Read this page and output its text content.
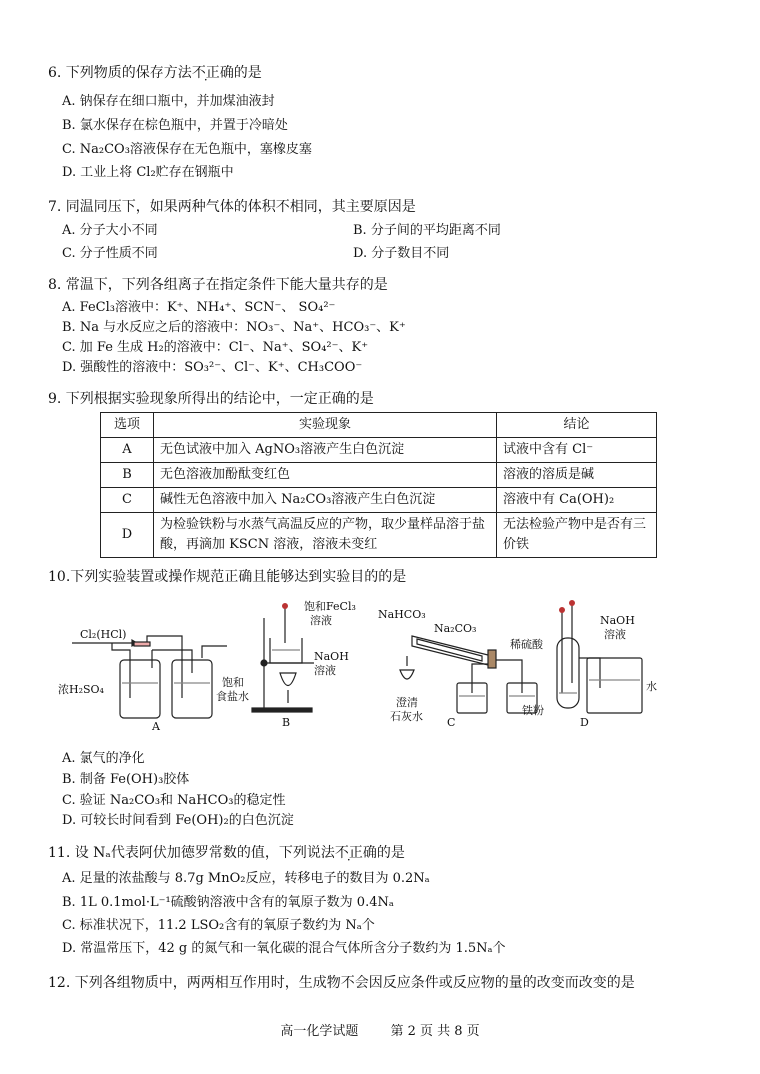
6. 下列物质的保存方法不正确的是
A. 钠保存在细口瓶中，并加煤油液封
B. 氯水保存在棕色瓶中，并置于冷暗处
C. Na₂CO₃溶液保存在无色瓶中，塞橡皮塞
D. 工业上将 Cl₂贮存在钢瓶中
7. 同温同压下，如果两种气体的体积不相同，其主要原因是
A. 分子大小不同	B. 分子间的平均距离不同
C. 分子性质不同	D. 分子数目不同
8. 常温下，下列各组离子在指定条件下能大量共存的是
A. FeCl₃溶液中：K⁺、NH₄⁺、SCN⁻、 SO₄²⁻
B. Na 与水反应之后的溶液中：NO₃⁻、Na⁺、HCO₃⁻、K⁺
C. 加 Fe 生成 H₂的溶液中：Cl⁻、Na⁺、SO₄²⁻、K⁺
D. 强酸性的溶液中：SO₃²⁻、Cl⁻、K⁺、CH₃COO⁻
9. 下列根据实验现象所得出的结论中，一定正确的是
选项	实验现象	结论
A	无色试液中加入 AgNO₃溶液产生白色沉淀	试液中含有 Cl⁻
B	无色溶液加酚酞变红色	溶液的溶质是碱
C	碱性无色溶液中加入 Na₂CO₃溶液产生白色沉淀	溶液中有 Ca(OH)₂
D	为检验铁粉与水蒸气高温反应的产物，取少量样品溶于盐酸，再滴加 KSCN 溶液，溶液未变红	无法检验产物中是否有三价铁
10.下列实验装置或操作规范正确且能够达到实验目的的是
Cl₂(HCl)
浓H₂SO₄
饱和
食盐水
A
饱和FeCl₃
溶液
NaOH
溶液
B
NaHCO₃
Na₂CO₃
澄清
石灰水 C
NaOH
溶液
稀硫酸
铁粉
水
D
A. 氯气的净化
B. 制备 Fe(OH)₃胶体
C. 验证 Na₂CO₃和 NaHCO₃的稳定性
D. 可较长时间看到 Fe(OH)₂的白色沉淀
11. 设 Nₐ代表阿伏加德罗常数的值，下列说法不正确的是
A. 足量的浓盐酸与 8.7g MnO₂反应，转移电子的数目为 0.2Nₐ
B. 1L 0.1mol·L⁻¹硫酸钠溶液中含有的氧原子数为 0.4Nₐ
C. 标准状况下，11.2 LSO₂含有的氧原子数约为 Nₐ个
D. 常温常压下，42 g 的氮气和一氧化碳的混合气体所含分子数约为 1.5Nₐ个
12. 下列各组物质中，两两相互作用时，生成物不会因反应条件或反应物的量的改变而改变的是
高一化学试题 第 2 页 共 8 页
